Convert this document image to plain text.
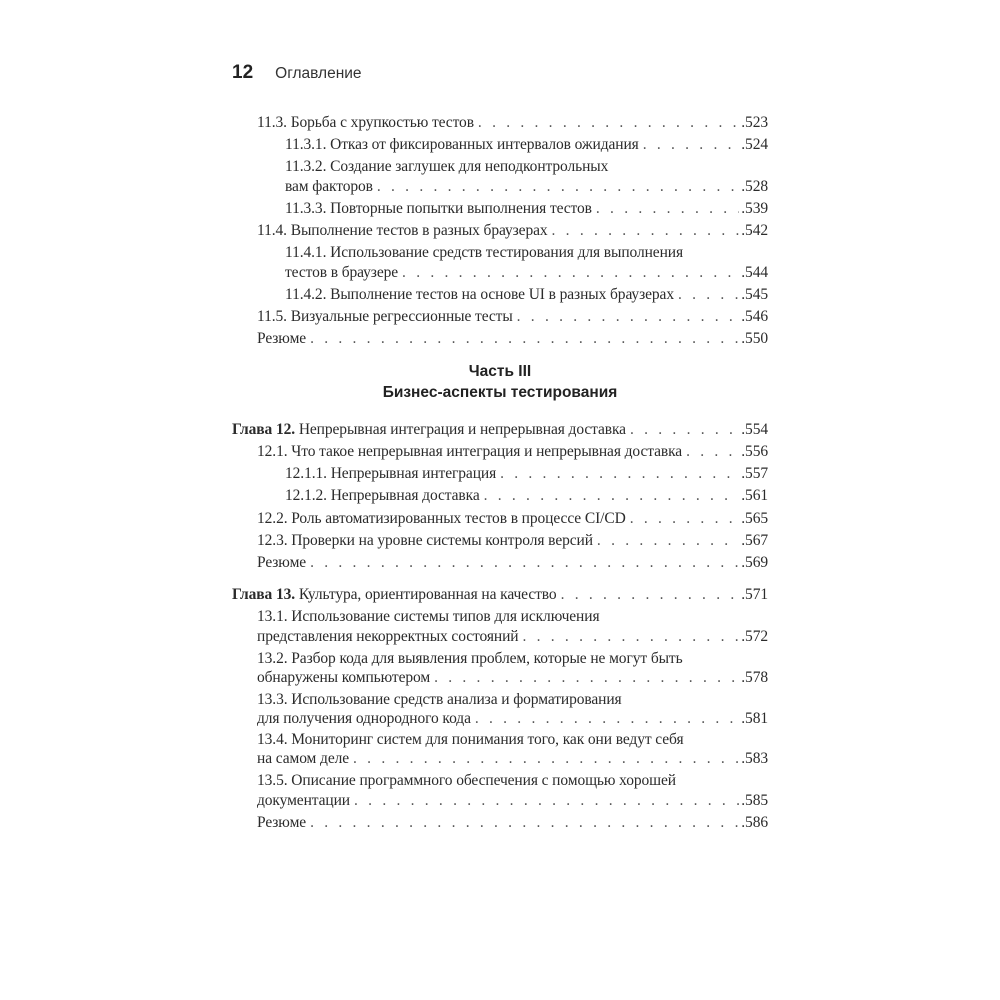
12 Оглавление
11.3. Борьба с хрупкостью тестов . . .	.523
11.3.1. Отказ от фиксированных интервалов ожидания . . .	.524
11.3.2. Создание заглушек для неподконтрольных
вам факторов . . .	.528
11.3.3. Повторные попытки выполнения тестов . . .	.539
11.4. Выполнение тестов в разных браузерах . . .	.542
11.4.1. Использование средств тестирования для выполнения
тестов в браузере . . .	.544
11.4.2. Выполнение тестов на основе UI в разных браузерах . . .	.545
11.5. Визуальные регрессионные тесты . . .	.546
Резюме . . .	.550
Часть III
Бизнес-аспекты тестирования
Глава 12. Непрерывная интеграция и непрерывная доставка . . .	.554
12.1. Что такое непрерывная интеграция и непрерывная доставка . . .	.556
12.1.1. Непрерывная интеграция . . .	.557
12.1.2. Непрерывная доставка . . .	.561
12.2. Роль автоматизированных тестов в процессе CI/CD . . .	.565
12.3. Проверки на уровне системы контроля версий . . .	.567
Резюме . . .	.569
Глава 13. Культура, ориентированная на качество . . .	.571
13.1. Использование системы типов для исключения
представления некорректных состояний . . .	.572
13.2. Разбор кода для выявления проблем, которые не могут быть
обнаружены компьютером . . .	.578
13.3. Использование средств анализа и форматирования
для получения однородного кода . . .	.581
13.4. Мониторинг систем для понимания того, как они ведут себя
на самом деле . . .	.583
13.5. Описание программного обеспечения с помощью хорошей
документации . . .	.585
Резюме . . .	.586
